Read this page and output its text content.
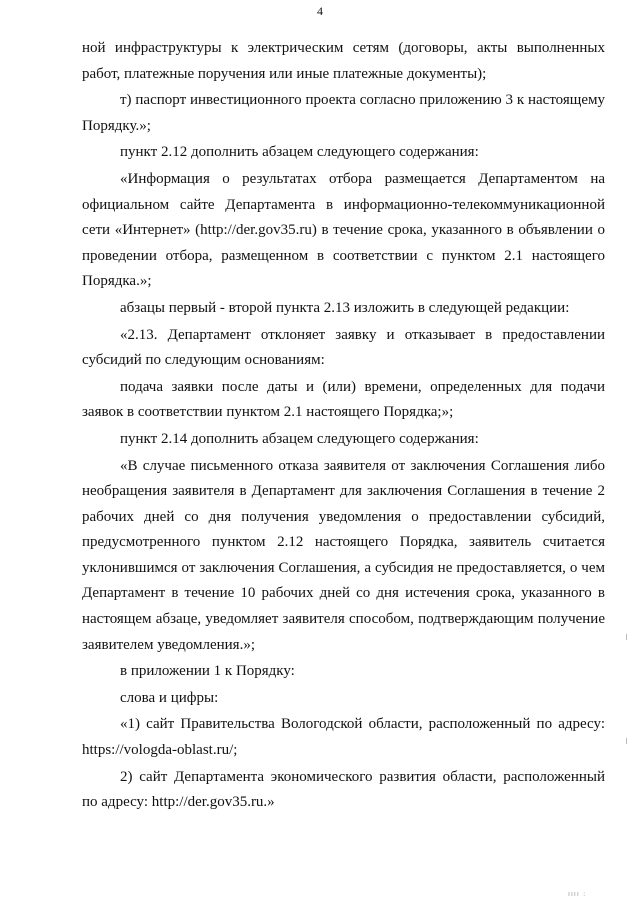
4

ной инфраструктуры к электрическим сетям (договоры, акты выполненных работ, платежные поручения или иные платежные документы);

т) паспорт инвестиционного проекта согласно приложению 3 к настоящему Порядку.»;

пункт 2.12 дополнить абзацем следующего содержания:

«Информация о результатах отбора размещается Департаментом на официальном сайте Департамента в информационно-телекоммуникационной сети «Интернет» (http://der.gov35.ru) в течение срока, указанного в объявлении о проведении отбора, размещенном в соответствии с пунктом 2.1 настоящего Порядка.»;

абзацы первый - второй пункта 2.13 изложить в следующей редакции:

«2.13. Департамент отклоняет заявку и отказывает в предоставлении субсидий по следующим основаниям:

подача заявки после даты и (или) времени, определенных для подачи заявок в соответствии пунктом 2.1 настоящего Порядка;»;

пункт 2.14 дополнить абзацем следующего содержания:

«В случае письменного отказа заявителя от заключения Соглашения либо необращения заявителя в Департамент для заключения Соглашения в течение 2 рабочих дней со дня получения уведомления о предоставлении субсидий, предусмотренного пунктом 2.12 настоящего Порядка, заявитель считается уклонившимся от заключения Соглашения, а субсидия не предоставляется, о чем Департамент в течение 10 рабочих дней со дня истечения срока, указанного в настоящем абзаце, уведомляет заявителя способом, подтверждающим получение заявителем уведомления.»;

в приложении 1 к Порядку:

слова и цифры:

«1) сайт Правительства Вологодской области, расположенный по адресу: https://vologda-oblast.ru/;

2) сайт Департамента экономического развития области, расположенный по адресу: http://der.gov35.ru.»

ıııı :
